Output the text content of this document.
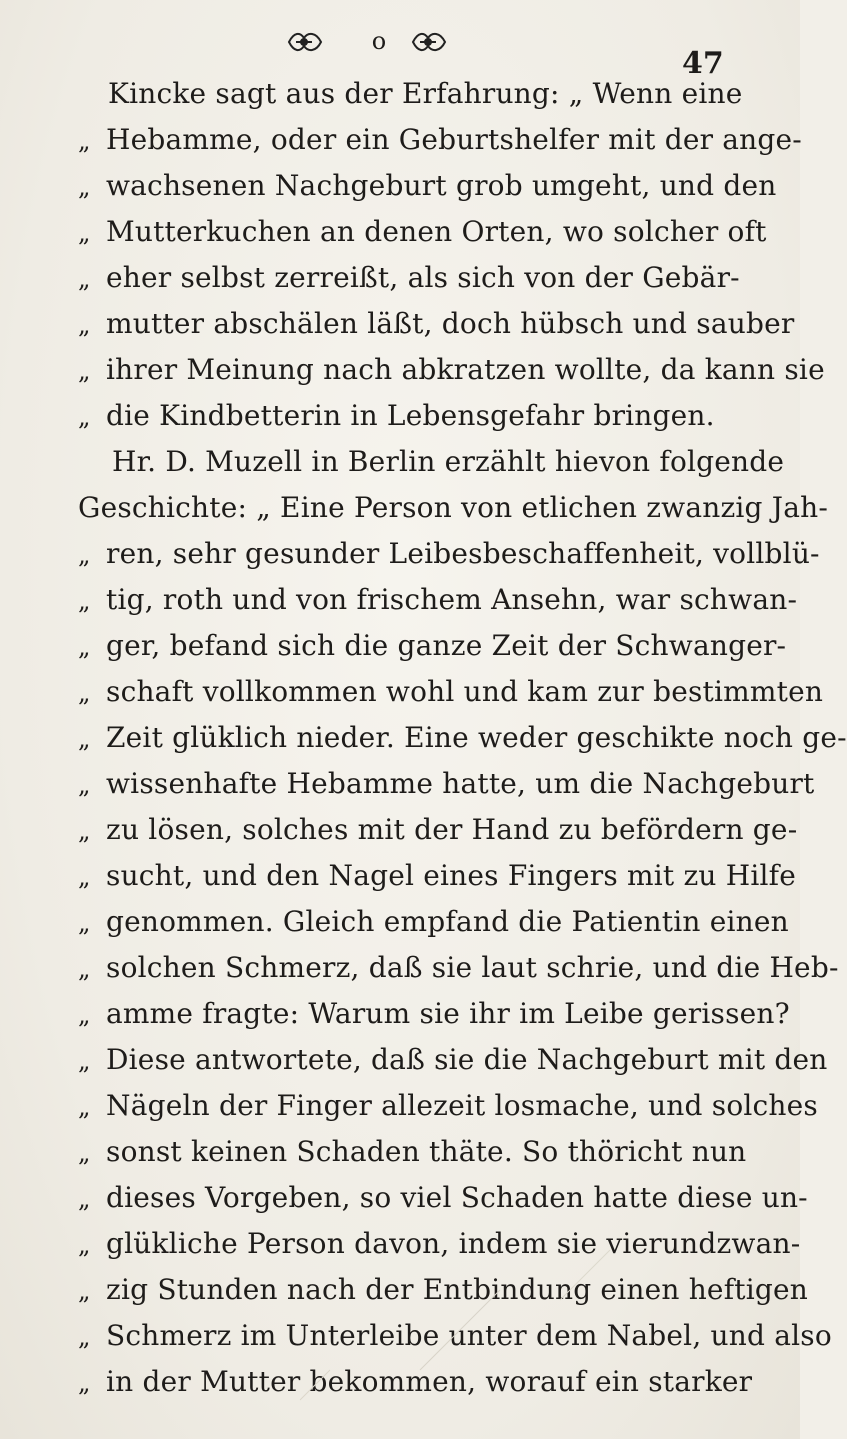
o
47
Kincke sagt aus der Erfahrung: „ Wenn eine
„ Hebamme, oder ein Geburtshelfer mit der ange-
„ wachsenen Nachgeburt grob umgeht, und den
„ Mutterkuchen an denen Orten, wo solcher oft
„ eher selbst zerreißt, als sich von der Gebär-
„ mutter abschälen läßt, doch hübsch und sauber
„ ihrer Meinung nach abkratzen wollte, da kann sie
„ die Kindbetterin in Lebensgefahr bringen.
Hr. D. Muzell in Berlin erzählt hievon folgende
Geschichte: „ Eine Person von etlichen zwanzig Jah-
„ ren, sehr gesunder Leibesbeschaffenheit, vollblü-
„ tig, roth und von frischem Ansehn, war schwan-
„ ger, befand sich die ganze Zeit der Schwanger-
„ schaft vollkommen wohl und kam zur bestimmten
„ Zeit glüklich nieder. Eine weder geschikte noch ge-
„ wissenhafte Hebamme hatte, um die Nachgeburt
„ zu lösen, solches mit der Hand zu befördern ge-
„ sucht, und den Nagel eines Fingers mit zu Hilfe
„ genommen. Gleich empfand die Patientin einen
„ solchen Schmerz, daß sie laut schrie, und die Heb-
„ amme fragte: Warum sie ihr im Leibe gerissen?
„ Diese antwortete, daß sie die Nachgeburt mit den
„ Nägeln der Finger allezeit losmache, und solches
„ sonst keinen Schaden thäte. So thöricht nun
„ dieses Vorgeben, so viel Schaden hatte diese un-
„ glükliche Person davon, indem sie vierundzwan-
„ zig Stunden nach der Entbindung einen heftigen
„ Schmerz im Unterleibe unter dem Nabel, und also
„ in der Mutter bekommen, worauf ein starker
